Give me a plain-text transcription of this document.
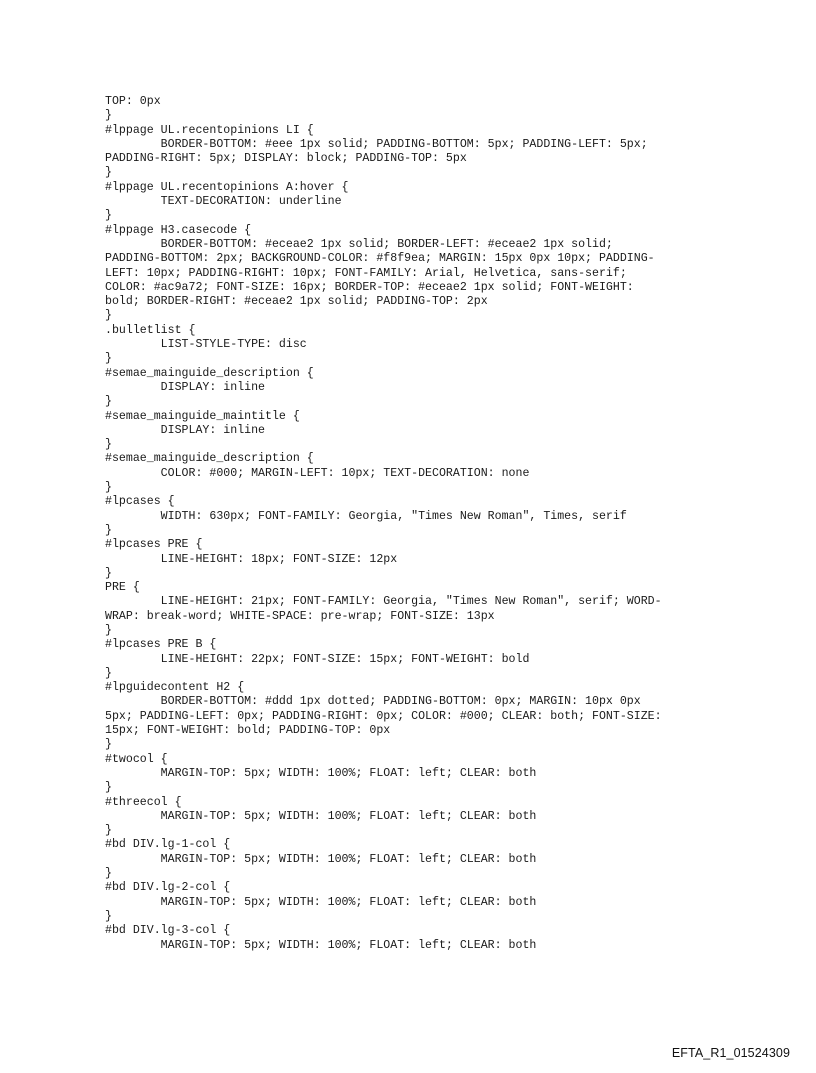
TOP: 0px
}
#lppage UL.recentopinions LI {
BORDER-BOTTOM: #eee 1px solid; PADDING-BOTTOM: 5px; PADDING-LEFT: 5px;
PADDING-RIGHT: 5px; DISPLAY: block; PADDING-TOP: 5px
}
#lppage UL.recentopinions A:hover {
TEXT-DECORATION: underline
}
#lppage H3.casecode {
BORDER-BOTTOM: #eceae2 1px solid; BORDER-LEFT: #eceae2 1px solid;
PADDING-BOTTOM: 2px; BACKGROUND-COLOR: #f8f9ea; MARGIN: 15px 0px 10px; PADDING-
LEFT: 10px; PADDING-RIGHT: 10px; FONT-FAMILY: Arial, Helvetica, sans-serif;
COLOR: #ac9a72; FONT-SIZE: 16px; BORDER-TOP: #eceae2 1px solid; FONT-WEIGHT:
bold; BORDER-RIGHT: #eceae2 1px solid; PADDING-TOP: 2px
}
.bulletlist {
LIST-STYLE-TYPE: disc
}
#semae_mainguide_description {
DISPLAY: inline
}
#semae_mainguide_maintitle {
DISPLAY: inline
}
#semae_mainguide_description {
COLOR: #000; MARGIN-LEFT: 10px; TEXT-DECORATION: none
}
#lpcases {
WIDTH: 630px; FONT-FAMILY: Georgia, "Times New Roman", Times, serif
}
#lpcases PRE {
LINE-HEIGHT: 18px; FONT-SIZE: 12px
}
PRE {
LINE-HEIGHT: 21px; FONT-FAMILY: Georgia, "Times New Roman", serif; WORD-
WRAP: break-word; WHITE-SPACE: pre-wrap; FONT-SIZE: 13px
}
#lpcases PRE B {
LINE-HEIGHT: 22px; FONT-SIZE: 15px; FONT-WEIGHT: bold
}
#lpguidecontent H2 {
BORDER-BOTTOM: #ddd 1px dotted; PADDING-BOTTOM: 0px; MARGIN: 10px 0px
5px; PADDING-LEFT: 0px; PADDING-RIGHT: 0px; COLOR: #000; CLEAR: both; FONT-SIZE:
15px; FONT-WEIGHT: bold; PADDING-TOP: 0px
}
#twocol {
MARGIN-TOP: 5px; WIDTH: 100%; FLOAT: left; CLEAR: both
}
#threecol {
MARGIN-TOP: 5px; WIDTH: 100%; FLOAT: left; CLEAR: both
}
#bd DIV.lg-1-col {
MARGIN-TOP: 5px; WIDTH: 100%; FLOAT: left; CLEAR: both
}
#bd DIV.lg-2-col {
MARGIN-TOP: 5px; WIDTH: 100%; FLOAT: left; CLEAR: both
}
#bd DIV.lg-3-col {
MARGIN-TOP: 5px; WIDTH: 100%; FLOAT: left; CLEAR: both
EFTA_R1_01524309
